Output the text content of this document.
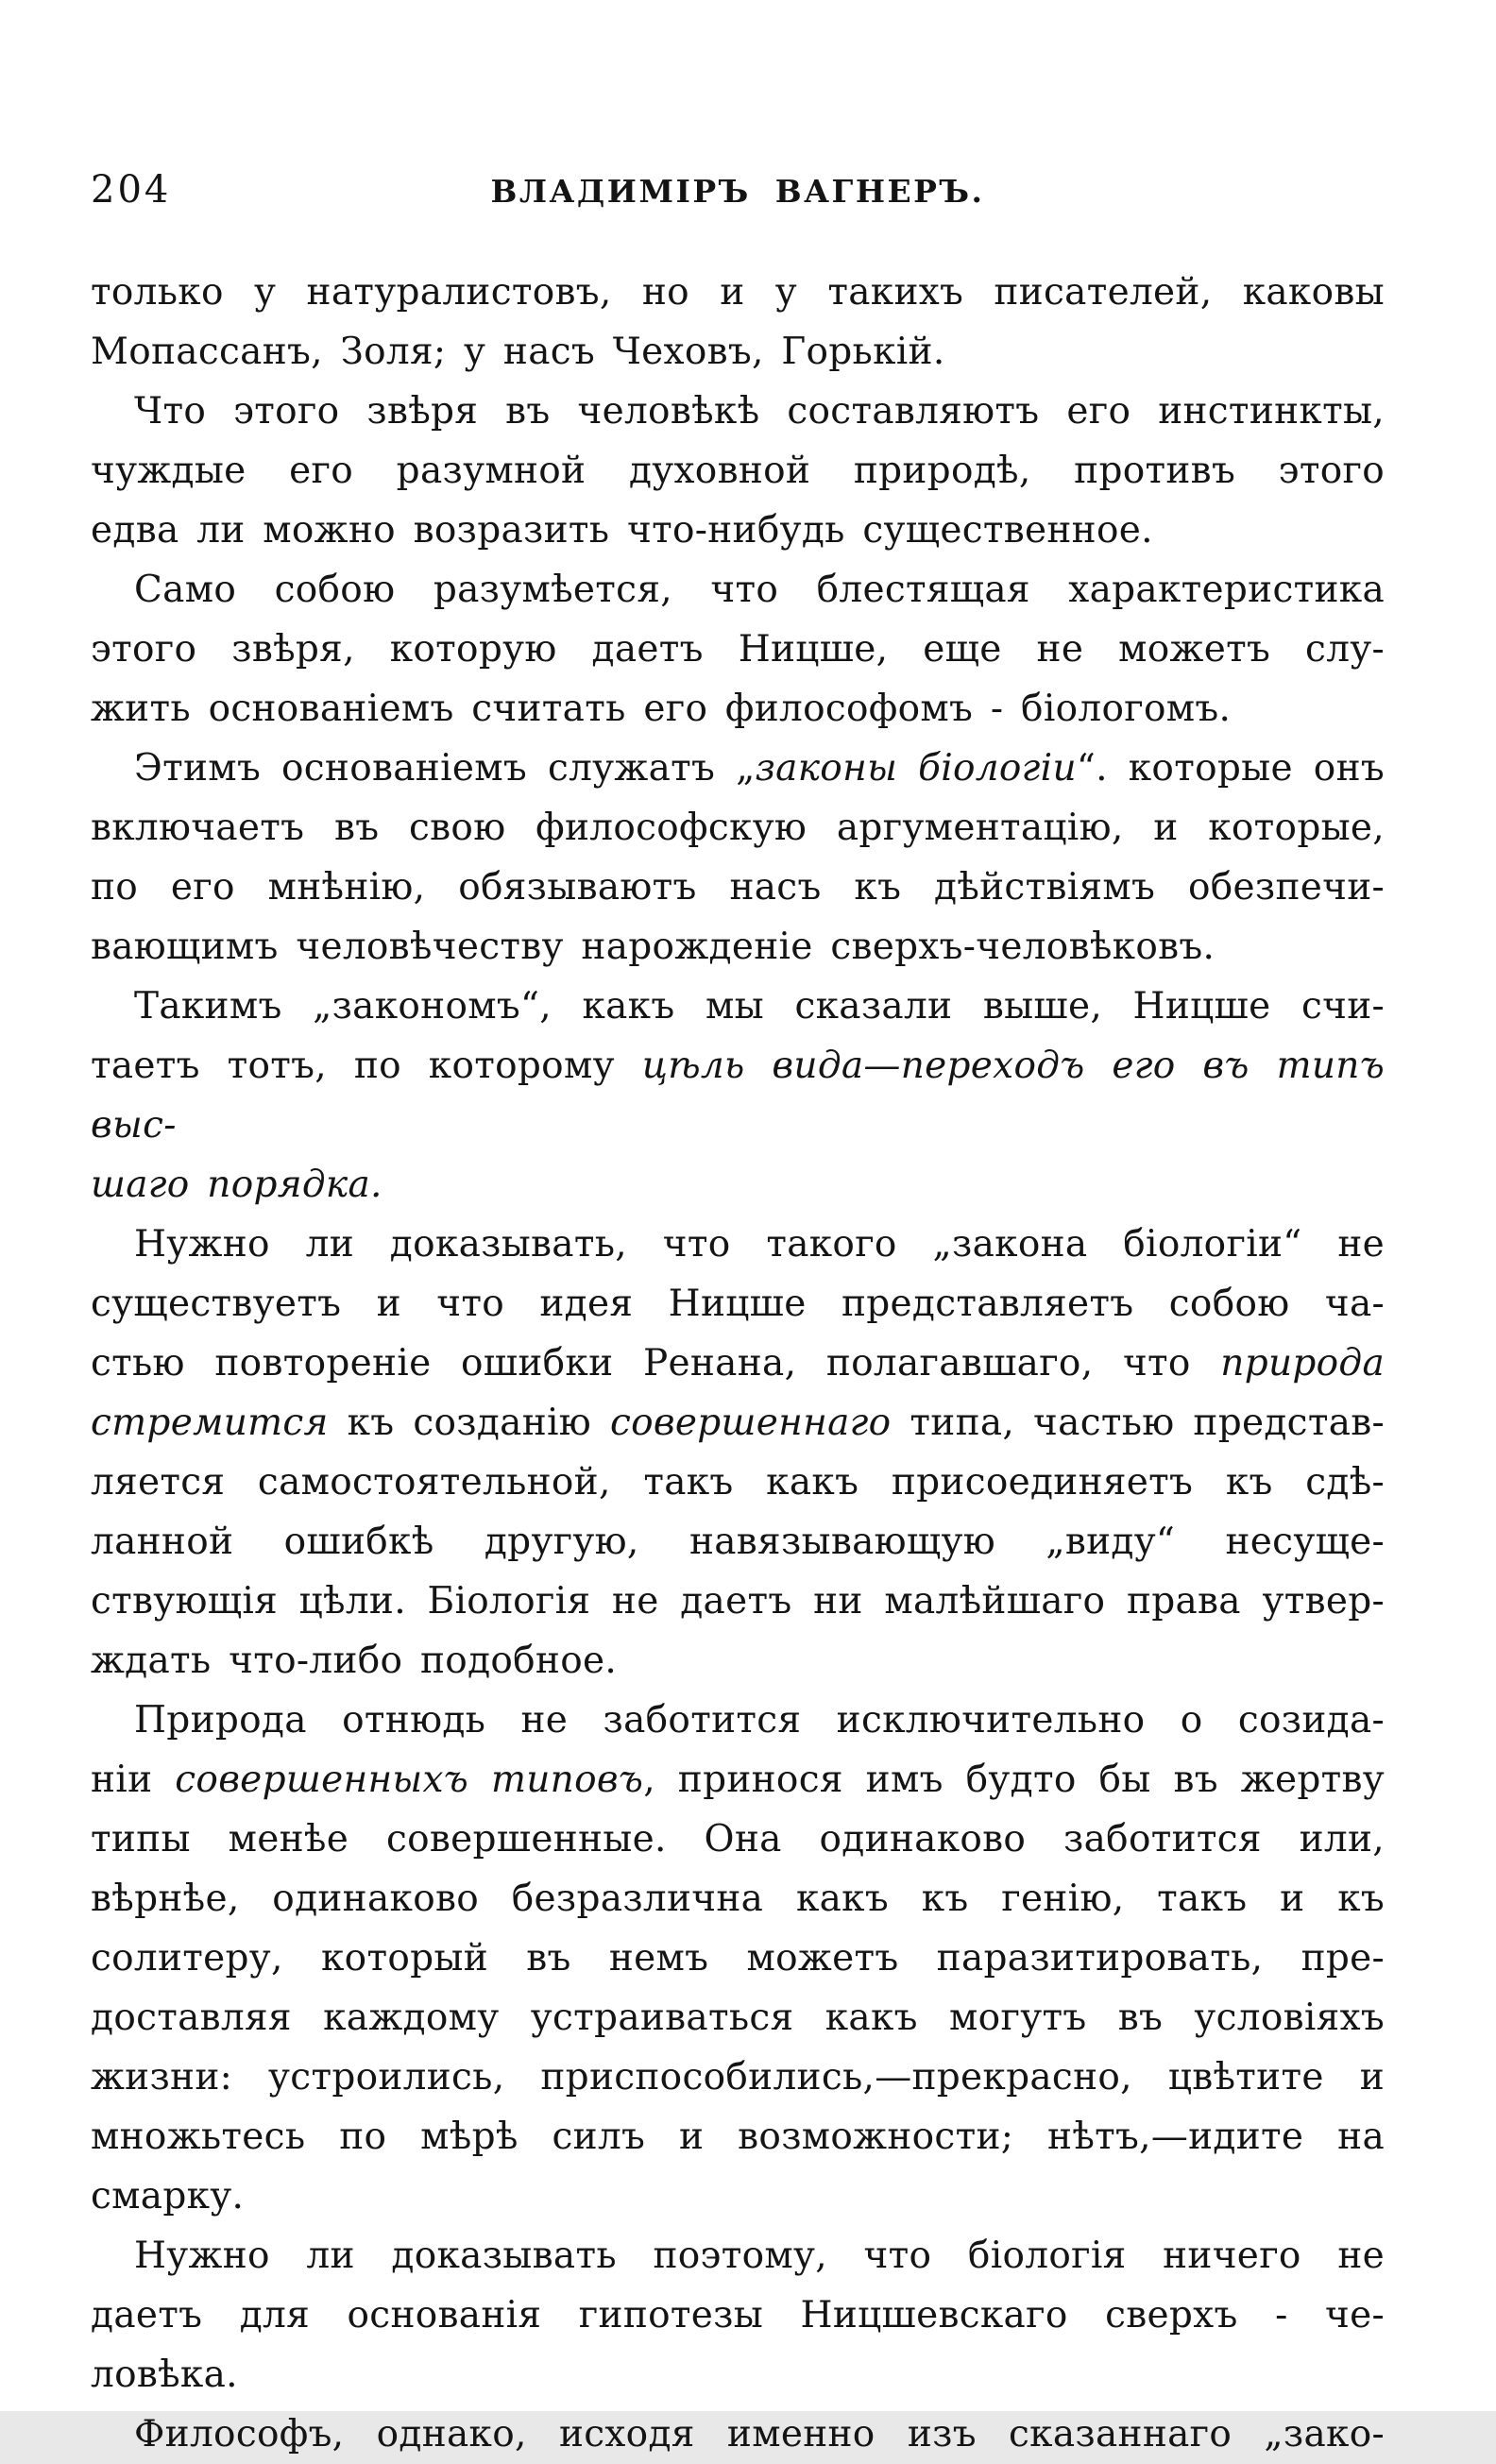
204	ВЛАДИМІРЪ ВАГНЕРЪ.
только у натуралистовъ, но и у такихъ писателей, каковы
Мопассанъ, Золя; у насъ Чеховъ, Горькій.
Что этого звѣря въ человѣкѣ составляютъ его инстинкты,
чуждые его разумной духовной природѣ, противъ этого
едва ли можно возразить что-нибудь существенное.
Само собою разумѣется, что блестящая характеристика
этого звѣря, которую даетъ Ницше, еще не можетъ слу-
жить основаніемъ считать его философомъ - біологомъ.
Этимъ основаніемъ служатъ „законы біологіи“. которые онъ
включаетъ въ свою философскую аргументацію, и которые,
по его мнѣнію, обязываютъ насъ къ дѣйствіямъ обезпечи-
вающимъ человѣчеству нарожденіе сверхъ-человѣковъ.
Такимъ „закономъ“, какъ мы сказали выше, Ницше счи-
таетъ тотъ, по которому цѣль вида—переходъ его въ типъ выс-
шаго порядка.
Нужно ли доказывать, что такого „закона біологіи“ не
существуетъ и что идея Ницше представляетъ собою ча-
стью повтореніе ошибки Ренана, полагавшаго, что природа
стремится къ созданію совершеннаго типа, частью представ-
ляется самостоятельной, такъ какъ присоединяетъ къ сдѣ-
ланной ошибкѣ другую, навязывающую „виду“ несуще-
ствующія цѣли. Біологія не даетъ ни малѣйшаго права утвер-
ждать что-либо подобное.
Природа отнюдь не заботится исключительно о созида-
ніи совершенныхъ типовъ, принося имъ будто бы въ жертву
типы менѣе совершенные. Она одинаково заботится или,
вѣрнѣе, одинаково безразлична какъ къ генію, такъ и къ
солитеру, который въ немъ можетъ паразитировать, пре-
доставляя каждому устраиваться какъ могутъ въ условіяхъ
жизни: устроились, приспособились,—прекрасно, цвѣтите и
множьтесь по мѣрѣ силъ и возможности; нѣтъ,—идите на
смарку.
Нужно ли доказывать поэтому, что біологія ничего не
даетъ для основанія гипотезы Ницшевскаго сверхъ - че-
ловѣка.
Философъ, однако, исходя именно изъ сказаннаго „зако-
